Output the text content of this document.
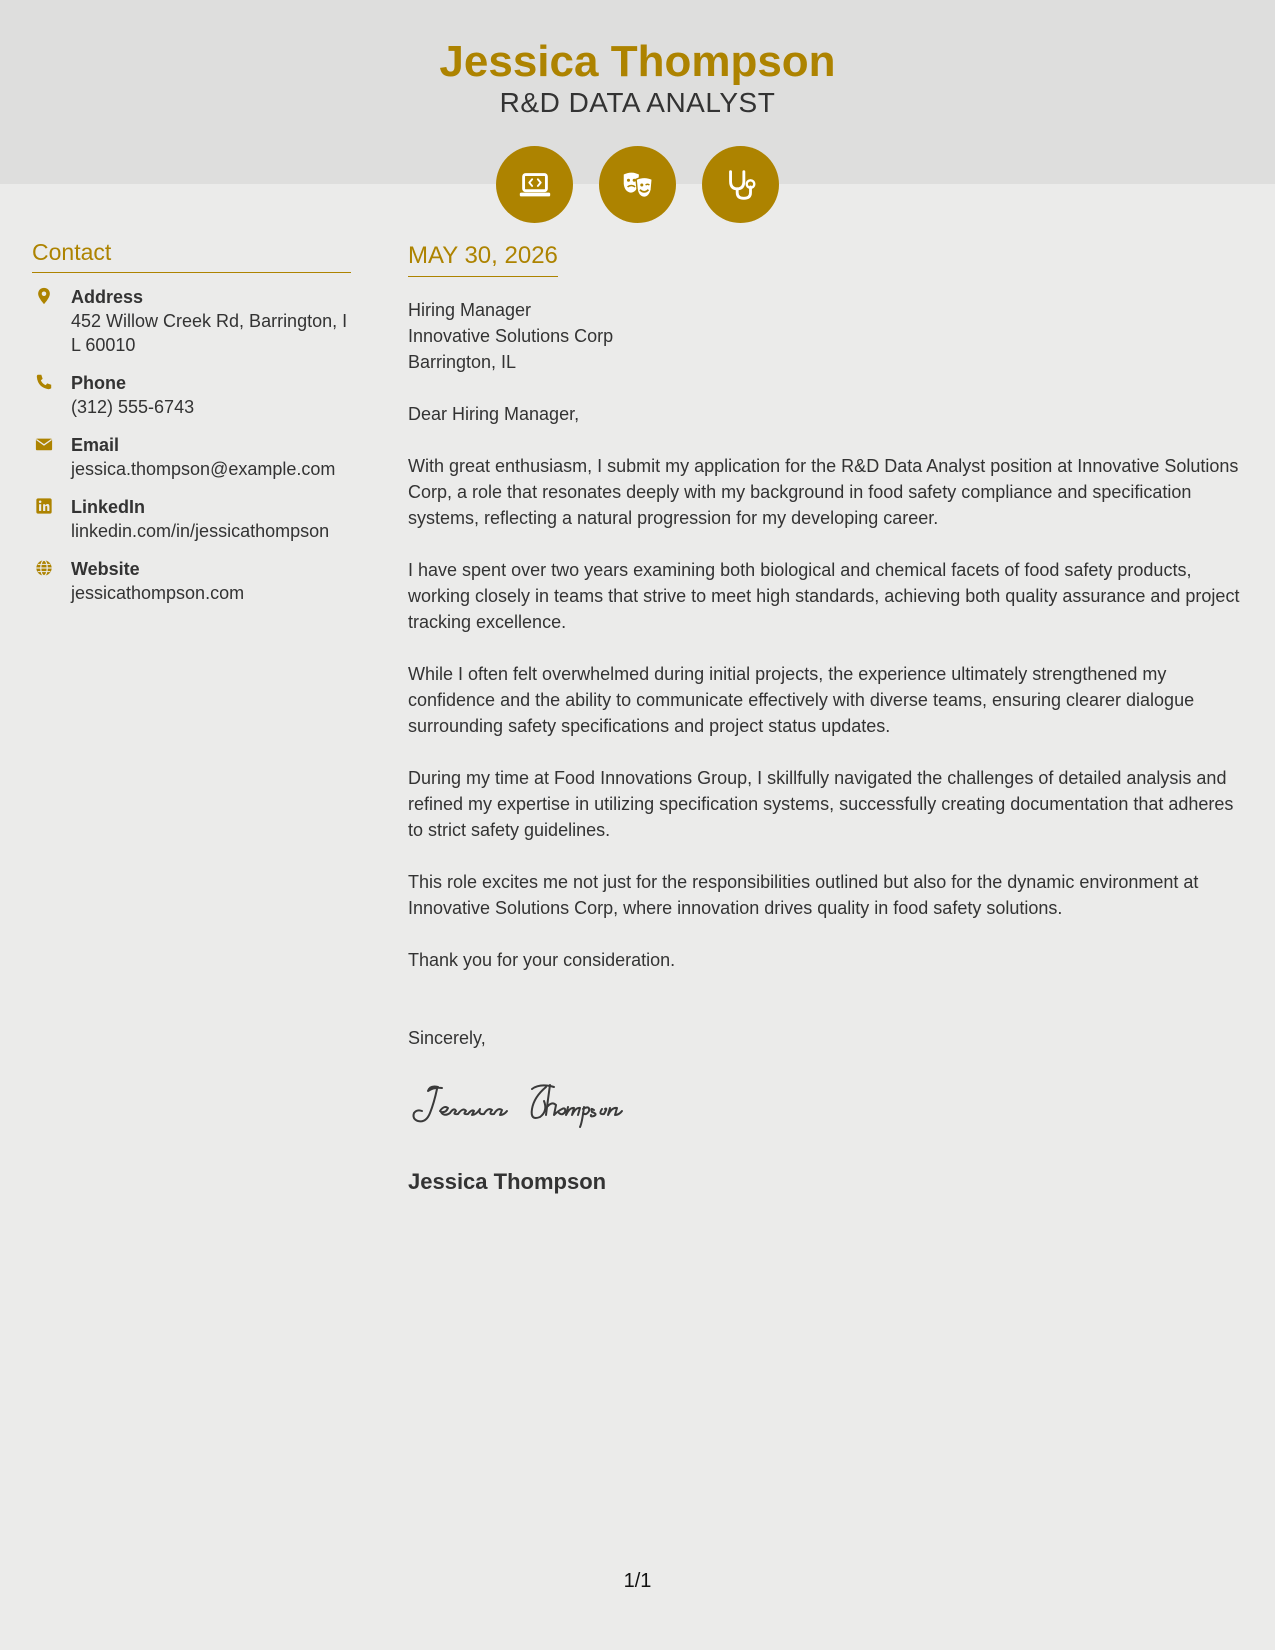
Jessica Thompson
R&D DATA ANALYST
Contact
Address
452 Willow Creek Rd, Barrington, IL 60010
Phone
(312) 555-6743
Email
jessica.thompson@example.com
LinkedIn
linkedin.com/in/jessicathompson
Website
jessicathompson.com
MAY 30, 2026
Hiring Manager
Innovative Solutions Corp
Barrington, IL
Dear Hiring Manager,
With great enthusiasm, I submit my application for the R&D Data Analyst position at Innovative Solutions Corp, a role that resonates deeply with my background in food safety compliance and specification systems, reflecting a natural progression for my developing career.
I have spent over two years examining both biological and chemical facets of food safety products, working closely in teams that strive to meet high standards, achieving both quality assurance and project tracking excellence.
While I often felt overwhelmed during initial projects, the experience ultimately strengthened my confidence and the ability to communicate effectively with diverse teams, ensuring clearer dialogue surrounding safety specifications and project status updates.
During my time at Food Innovations Group, I skillfully navigated the challenges of detailed analysis and refined my expertise in utilizing specification systems, successfully creating documentation that adheres to strict safety guidelines.
This role excites me not just for the responsibilities outlined but also for the dynamic environment at Innovative Solutions Corp, where innovation drives quality in food safety solutions.
Thank you for your consideration.
Sincerely,
Jessica Thompson
1/1
